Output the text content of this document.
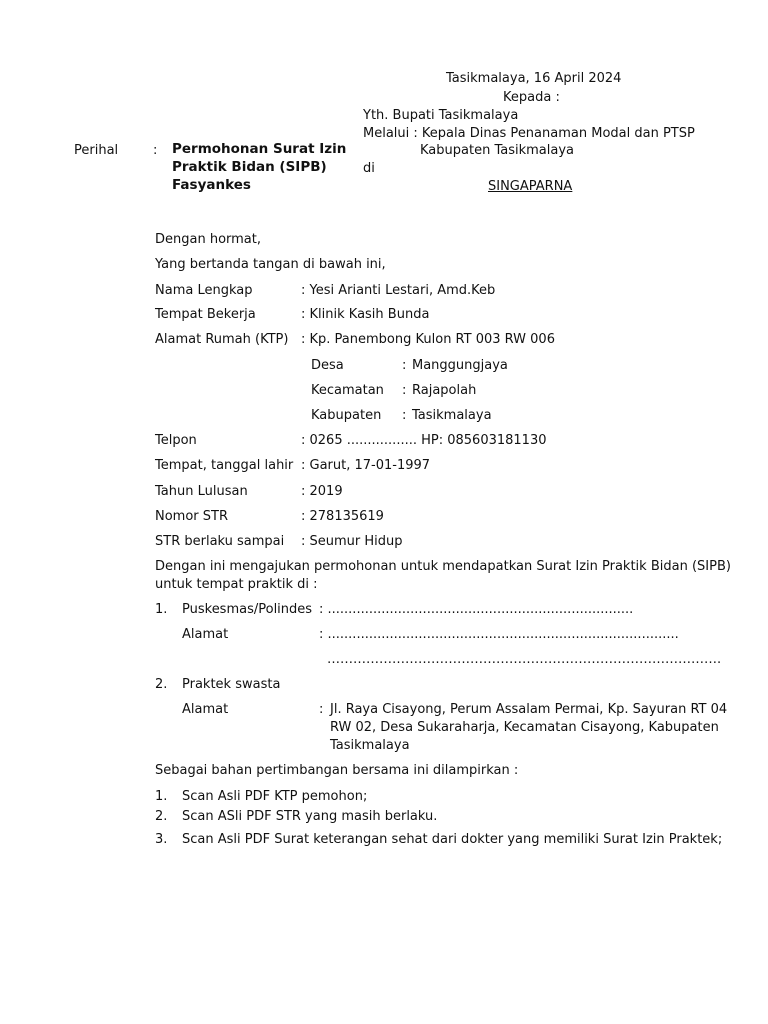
Tasikmalaya, 16 April 2024
Kepada :
Yth. Bupati Tasikmalaya
Melalui : Kepala Dinas Penanaman Modal dan PTSP
Kabupaten Tasikmalaya
di
SINGAPARNA
Perihal	: Permohonan Surat Izin
Praktik Bidan (SIPB)
Fasyankes
Dengan hormat,
Yang bertanda tangan di bawah ini,
Nama Lengkap	: Yesi Arianti Lestari, Amd.Keb
Tempat Bekerja	: Klinik Kasih Bunda
Alamat Rumah (KTP) : Kp. Panembong Kulon RT 003 RW 006
Desa	: Manggungjaya
Kecamatan : Rajapolah
Kabupaten : Tasikmalaya
Telpon	: 0265 ................. HP: 085603181130
Tempat, tanggal lahir : Garut, 17-01-1997
Tahun Lulusan	: 2019
Nomor STR	: 278135619
STR berlaku sampai : Seumur Hidup
Dengan ini mengajukan permohonan untuk mendapatkan Surat Izin Praktik Bidan (SIPB)
untuk tempat praktik di :
1. Puskesmas/Polindes : ..........................................................................
Alamat	: .....................................................................................
……………………………………………………………………………….
2. Praktek swasta
Alamat	: Jl. Raya Cisayong, Perum Assalam Permai, Kp. Sayuran RT 04
RW 02, Desa Sukaraharja, Kecamatan Cisayong, Kabupaten
Tasikmalaya
Sebagai bahan pertimbangan bersama ini dilampirkan :
1. Scan Asli PDF KTP pemohon;
2. Scan ASli PDF STR yang masih berlaku.
3. Scan Asli PDF Surat keterangan sehat dari dokter yang memiliki Surat Izin Praktek;
